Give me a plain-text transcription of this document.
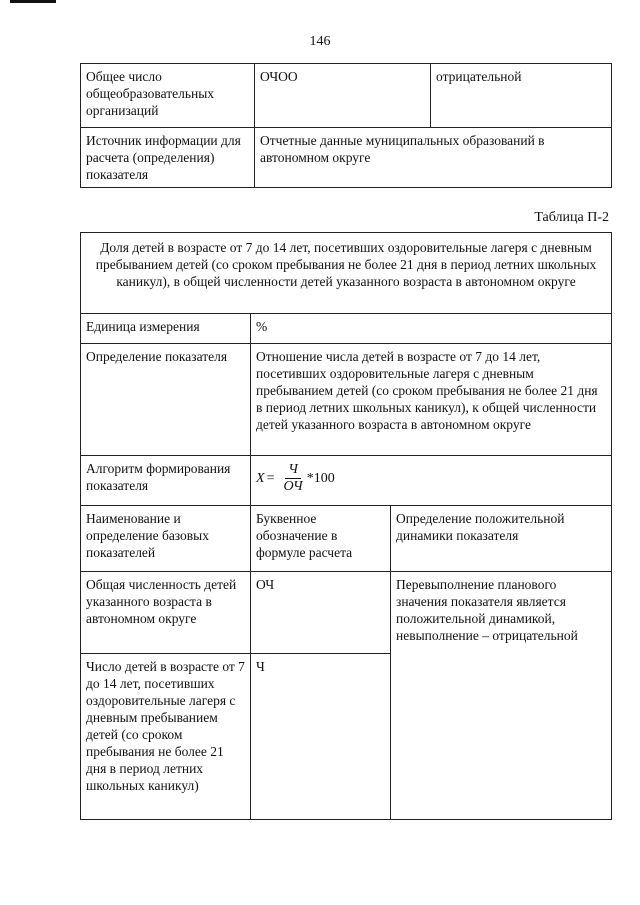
146
Общее число общеобразовательных организаций	ОЧОО	отрицательной
Источник информации для расчета (определения) показателя	Отчетные данные муниципальных образований в автономном округе	
Таблица П-2
Доля детей в возрасте от 7 до 14 лет, посетивших оздоровительные лагеря с дневным пребыванием детей (со сроком пребывания не более 21 дня в период летних школьных каникул), в общей численности детей указанного возраста в автономном округе		
Единица измерения	%	
Определение показателя	Отношение числа детей в возрасте от 7 до 14 лет, посетивших оздоровительные лагеря с дневным пребыванием детей (со сроком пребывания не более 21 дня в период летних школьных каникул), к общей численности детей указанного возраста в автономном округе	
Алгоритм формирования показателя	$X = \frac{Ч}{ОЧ} *100$	

Наименование и определение базовых показателей	Буквенное обозначение в формуле расчета	Определение положительной динамики показателя
Общая численность детей указанного возраста в автономном округе	ОЧ	Перевыполнение планового значения показателя является положительной динамикой, невыполнение – отрицательной
Число детей в возрасте от 7 до 14 лет, посетивших оздоровительные лагеря с дневным пребыванием детей (со сроком пребывания не более 21 дня в период летних школьных каникул)	Ч	
